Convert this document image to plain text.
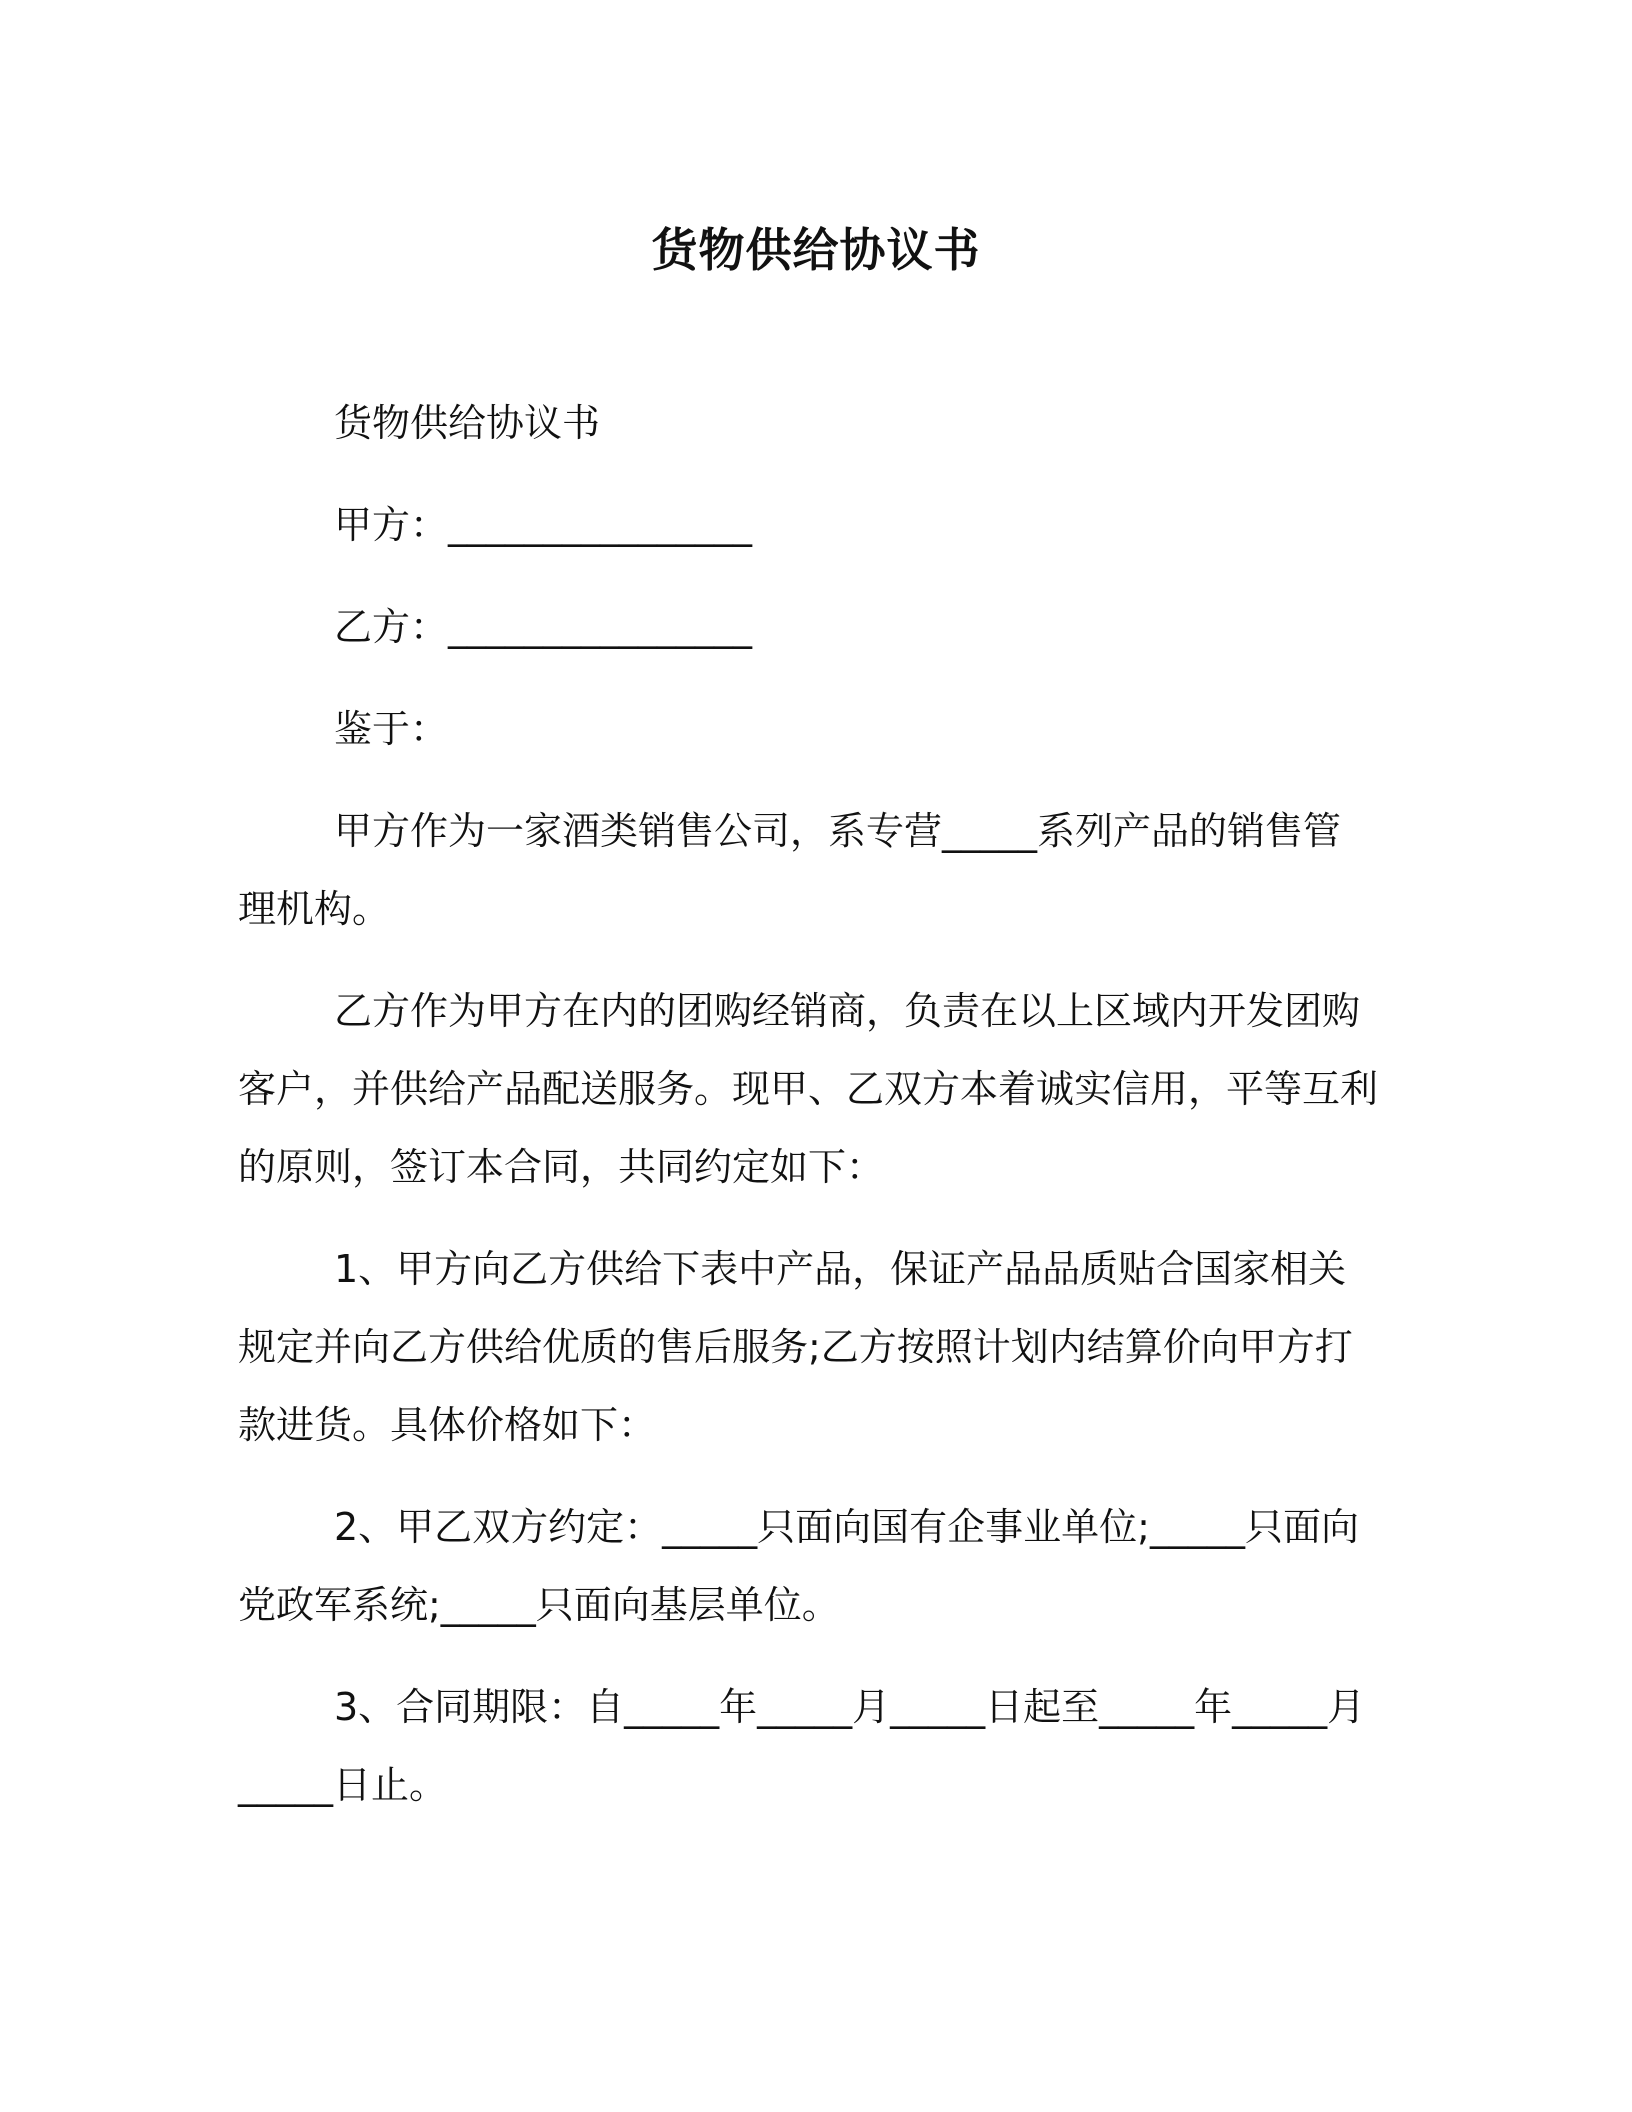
货物供给协议书

货物供给协议书

甲方：________________

乙方：________________

鉴于：

甲方作为一家酒类销售公司，系专营_____系列产品的销售管理机构。

乙方作为甲方在内的团购经销商，负责在以上区域内开发团购客户，并供给产品配送服务。现甲、乙双方本着诚实信用，平等互利的原则，签订本合同，共同约定如下：

1、甲方向乙方供给下表中产品，保证产品品质贴合国家相关规定并向乙方供给优质的售后服务;乙方按照计划内结算价向甲方打款进货。具体价格如下：

2、甲乙双方约定：_____只面向国有企事业单位;_____只面向党政军系统;_____只面向基层单位。

3、合同期限：自_____年_____月_____日起至_____年_____月_____日止。
